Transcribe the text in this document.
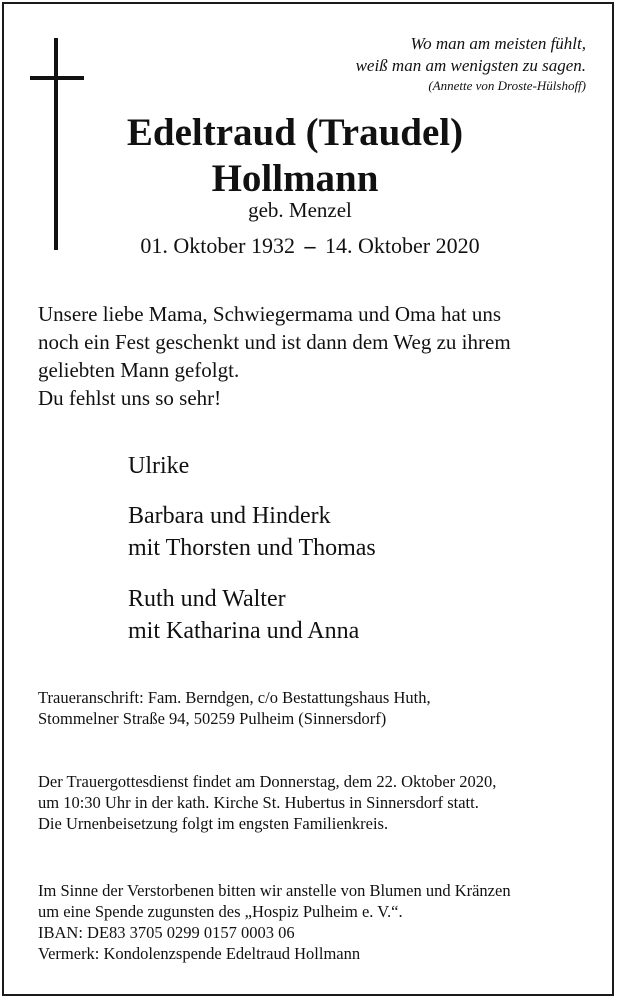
Wo man am meisten fühlt,
weiß man am wenigsten zu sagen.
(Annette von Droste-Hülshoff)
Edeltraud (Traudel)
Hollmann
geb. Menzel
01. Oktober 1932 – 14. Oktober 2020
Unsere liebe Mama, Schwiegermama und Oma hat uns
noch ein Fest geschenkt und ist dann dem Weg zu ihrem
geliebten Mann gefolgt.
Du fehlst uns so sehr!
Ulrike
Barbara und Hinderk
mit Thorsten und Thomas
Ruth und Walter
mit Katharina und Anna
Traueranschrift: Fam. Berndgen, c/o Bestattungshaus Huth,
Stommelner Straße 94, 50259 Pulheim (Sinnersdorf)
Der Trauergottesdienst findet am Donnerstag, dem 22. Oktober 2020,
um 10:30 Uhr in der kath. Kirche St. Hubertus in Sinnersdorf statt.
Die Urnenbeisetzung folgt im engsten Familienkreis.
Im Sinne der Verstorbenen bitten wir anstelle von Blumen und Kränzen
um eine Spende zugunsten des „Hospiz Pulheim e. V.“.
IBAN: DE83 3705 0299 0157 0003 06
Vermerk: Kondolenzspende Edeltraud Hollmann
